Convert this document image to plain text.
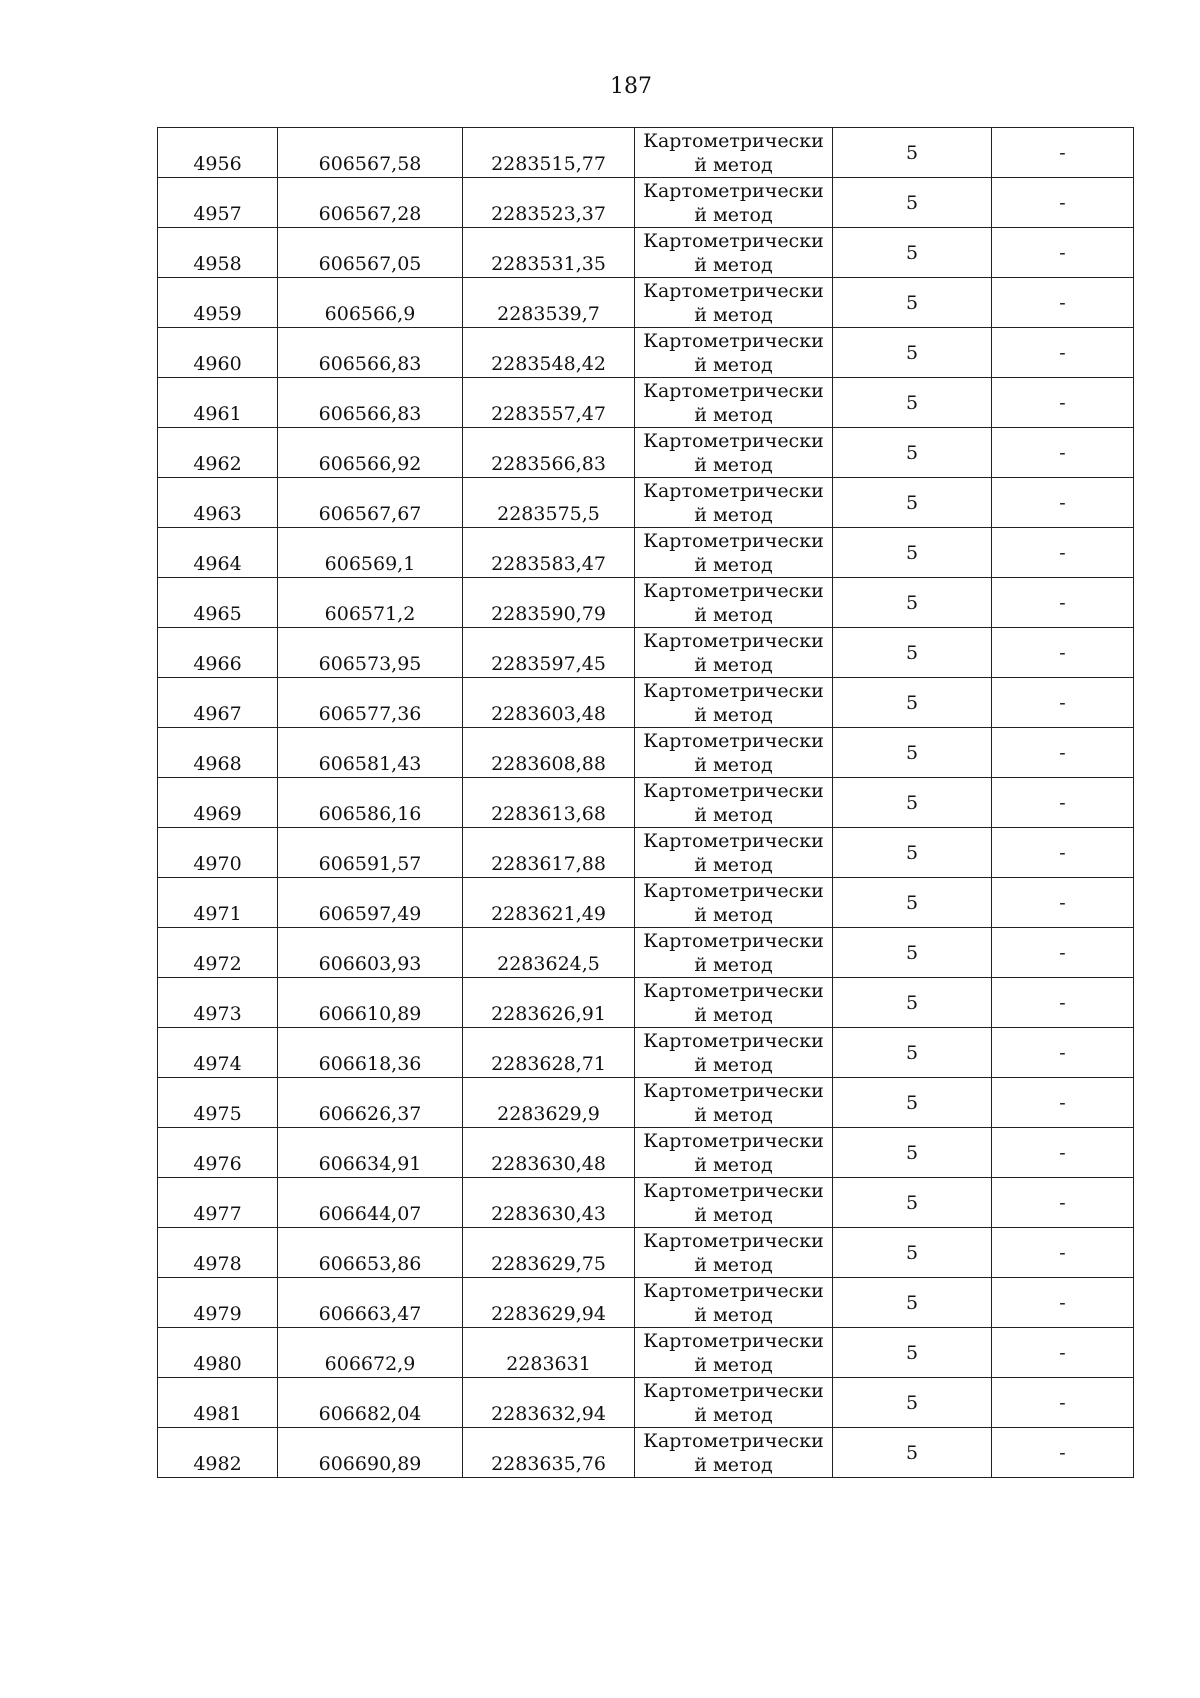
187
4956	606567,58	2283515,77	Картометрически й метод	5	-
4957	606567,28	2283523,37	Картометрически й метод	5	-
4958	606567,05	2283531,35	Картометрически й метод	5	-
4959	606566,9	2283539,7	Картометрически й метод	5	-
4960	606566,83	2283548,42	Картометрически й метод	5	-
4961	606566,83	2283557,47	Картометрически й метод	5	-
4962	606566,92	2283566,83	Картометрически й метод	5	-
4963	606567,67	2283575,5	Картометрически й метод	5	-
4964	606569,1	2283583,47	Картометрически й метод	5	-
4965	606571,2	2283590,79	Картометрически й метод	5	-
4966	606573,95	2283597,45	Картометрически й метод	5	-
4967	606577,36	2283603,48	Картометрически й метод	5	-
4968	606581,43	2283608,88	Картометрически й метод	5	-
4969	606586,16	2283613,68	Картометрически й метод	5	-
4970	606591,57	2283617,88	Картометрически й метод	5	-
4971	606597,49	2283621,49	Картометрически й метод	5	-
4972	606603,93	2283624,5	Картометрически й метод	5	-
4973	606610,89	2283626,91	Картометрически й метод	5	-
4974	606618,36	2283628,71	Картометрически й метод	5	-
4975	606626,37	2283629,9	Картометрически й метод	5	-
4976	606634,91	2283630,48	Картометрически й метод	5	-
4977	606644,07	2283630,43	Картометрически й метод	5	-
4978	606653,86	2283629,75	Картометрически й метод	5	-
4979	606663,47	2283629,94	Картометрически й метод	5	-
4980	606672,9	2283631	Картометрически й метод	5	-
4981	606682,04	2283632,94	Картометрически й метод	5	-
4982	606690,89	2283635,76	Картометрически й метод	5	-
